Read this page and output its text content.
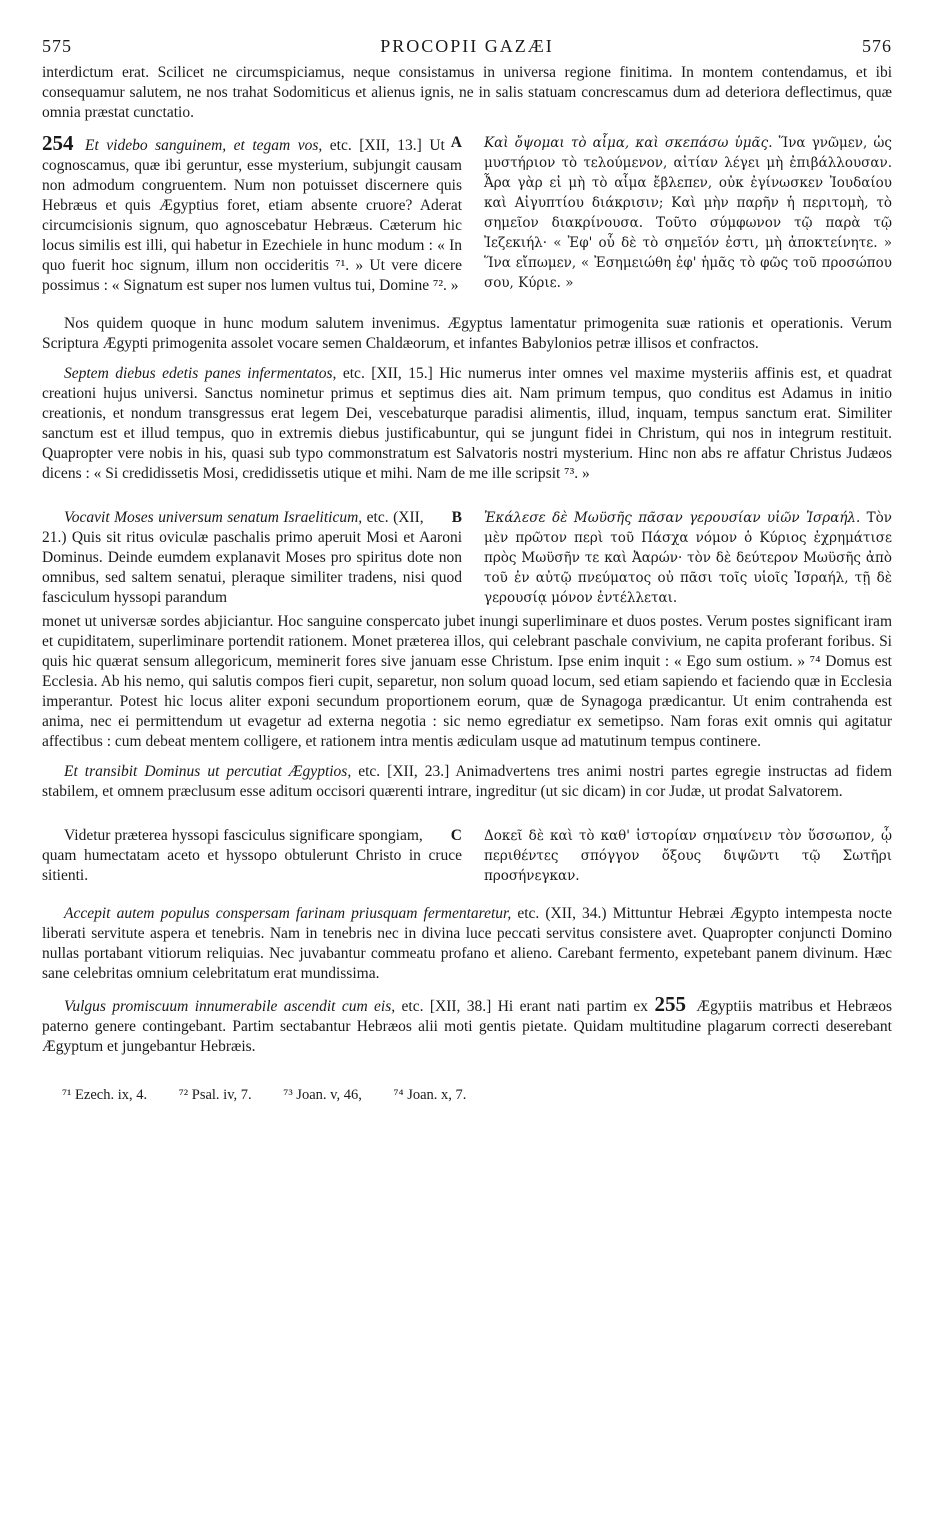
575	PROCOPII GAZÆI	576

interdictum erat. Scilicet ne circumspiciamus, neque consistamus in universa regione finitima. In montem contendamus, et ibi consequamur salutem, ne nos trahat Sodomiticus et alienus ignis, ne in salis statuam concrescamus dum ad deteriora deflectimus, quæ omnia præstat cunctatio.

254 Et videbo sanguinem, et tegam vos, etc. [XII, 13.] A
Ut cognoscamus, quæ ibi geruntur, esse mysterium, subjungit causam non admodum congruentem. Num non potuisset discernere quis Hebræus et quis Ægyptius foret, etiam absente cruore? Aderat circumcisionis signum, quo agnoscebatur Hebræus. Cæterum hic locus similis est illi, qui habetur in Ezechiele in hunc modum : « In quo fuerit hoc signum, illum non occideritis ⁷¹. » Ut vere dicere possimus : « Signatum est super nos lumen vultus tui, Domine ⁷². »

Καὶ ὄψομαι τὸ αἷμα, καὶ σκεπάσω ὑμᾶς. Ἵνα γνῶμεν, ὡς μυστήριον τὸ τελούμενον, αἰτίαν λέγει μὴ ἐπιβάλλουσαν. Ἆρα γὰρ εἰ μὴ τὸ αἷμα ἔβλεπεν, οὐκ ἐγίνωσκεν Ἰουδαίου καὶ Αἰγυπτίου διάκρισιν; Καὶ μὴν παρῆν ἡ περιτομὴ, τὸ σημεῖον διακρίνουσα. Τοῦτο σύμφωνον τῷ παρὰ τῷ Ἰεζεκιήλ· « Ἐφ' οὗ δὲ τὸ σημεῖόν ἐστι, μὴ ἀποκτείνητε. » Ἵνα εἴπωμεν, « Ἐσημειώθη ἐφ' ἡμᾶς τὸ φῶς τοῦ προσώπου σου, Κύριε. »

Nos quidem quoque in hunc modum salutem invenimus. Ægyptus lamentatur primogenita suæ rationis et operationis. Verum Scriptura Ægypti primogenita assolet vocare semen Chaldæorum, et infantes Babylonios petræ illisos et confractos.

Septem diebus edetis panes infermentatos, etc. [XII, 15.] Hic numerus inter omnes vel maxime mysteriis affinis est, et quadrat creationi hujus universi. Sanctus nominetur primus et septimus dies ait. Nam primum tempus, quo conditus est Adamus in initio creationis, et nondum transgressus erat legem Dei, vescebaturque paradisi alimentis, illud, inquam, tempus sanctum erat. Similiter sanctum est et illud tempus, quo in extremis diebus justificabuntur, qui se jungunt fidei in Christum, qui nos in integrum restituit. Quapropter vere nobis in his, quasi sub typo commonstratum est Salvatoris nostri mysterium. Hinc non abs re affatur Christus Judæos dicens : « Si credidissetis Mosi, credidissetis utique et mihi. Nam de me ille scripsit ⁷³. »

B
Vocavit Moses universum senatum Israeliticum, etc. (XII, 21.) Quis sit ritus oviculæ paschalis primo aperuit Mosi et Aaroni Dominus. Deinde eumdem explanavit Moses pro spiritus dote non omnibus, sed saltem senatui, pleraque similiter tradens, nisi quod fasciculum hyssopi parandum

Ἐκάλεσε δὲ Μωϋσῆς πᾶσαν γερουσίαν υἱῶν Ἰσραήλ. Τὸν μὲν πρῶτον περὶ τοῦ Πάσχα νόμον ὁ Κύριος ἐχρημάτισε πρὸς Μωϋσῆν τε καὶ Ἀαρών· τὸν δὲ δεύτερον Μωϋσῆς ἀπὸ τοῦ ἐν αὐτῷ πνεύματος οὐ πᾶσι τοῖς υἱοῖς Ἰσραήλ, τῇ δὲ γερουσίᾳ μόνον ἐντέλλεται.

monet ut universæ sordes abjiciantur. Hoc sanguine conspercato jubet inungi superliminare et duos postes. Verum postes significant iram et cupiditatem, superliminare portendit rationem. Monet præterea illos, qui celebrant paschale convivium, ne capita proferant foribus. Si quis hic quærat sensum allegoricum, meminerit fores sive januam esse Christum. Ipse enim inquit : « Ego sum ostium. » ⁷⁴ Domus est Ecclesia. Ab his nemo, qui salutis compos fieri cupit, separetur, non solum quoad locum, sed etiam sapiendo et faciendo quæ in Ecclesia imperantur. Potest hic locus aliter exponi secundum proportionem eorum, quæ de Synagoga prædicantur. Ut enim contrahenda est anima, nec ei permittendum ut evagetur ad externa negotia : sic nemo egrediatur ex semetipso. Nam foras exit omnis qui agitatur affectibus : cum debeat mentem colligere, et rationem intra mentis ædiculam usque ad matutinum tempus continere.

Et transibit Dominus ut percutiat Ægyptios, etc. [XII, 23.] Animadvertens tres animi nostri partes egregie instructas ad fidem stabilem, et omnem præclusum esse aditum occisori quærenti intrare, ingreditur (ut sic dicam) in cor Judæ, ut prodat Salvatorem.

C
Videtur præterea hyssopi fasciculus significare spongiam, quam humectatam aceto et hyssopo obtulerunt Christo in cruce sitienti.

Δοκεῖ δὲ καὶ τὸ καθ' ἱστορίαν σημαίνειν τὸν ὕσσωπον, ᾧ περιθέντες σπόγγον ὄξους διψῶντι τῷ Σωτῆρι προσήνεγκαν.

Accepit autem populus conspersam farinam priusquam fermentaretur, etc. (XII, 34.) Mittuntur Hebræi Ægypto intempesta nocte liberati servitute aspera et tenebris. Nam in tenebris nec in divina luce peccati servitus consistere avet. Quapropter conjuncti Domino nullas portabant vitiorum reliquias. Nec juvabantur commeatu profano et alieno. Carebant fermento, expetebant panem divinum. Hæc sane celebritas omnium celebritatum erat mundissima.

Vulgus promiscuum innumerabile ascendit cum eis, etc. [XII, 38.] Hi erant nati partim ex 255 Ægyptiis matribus et Hebræos paterno genere contingebant. Partim sectabantur Hebræos alii moti gentis pietate. Quidam multitudine plagarum correcti deserebant Ægyptum et jungebantur Hebræis.

⁷¹ Ezech. ix, 4. ⁷² Psal. iv, 7. ⁷³ Joan. v, 46, ⁷⁴ Joan. x, 7.
